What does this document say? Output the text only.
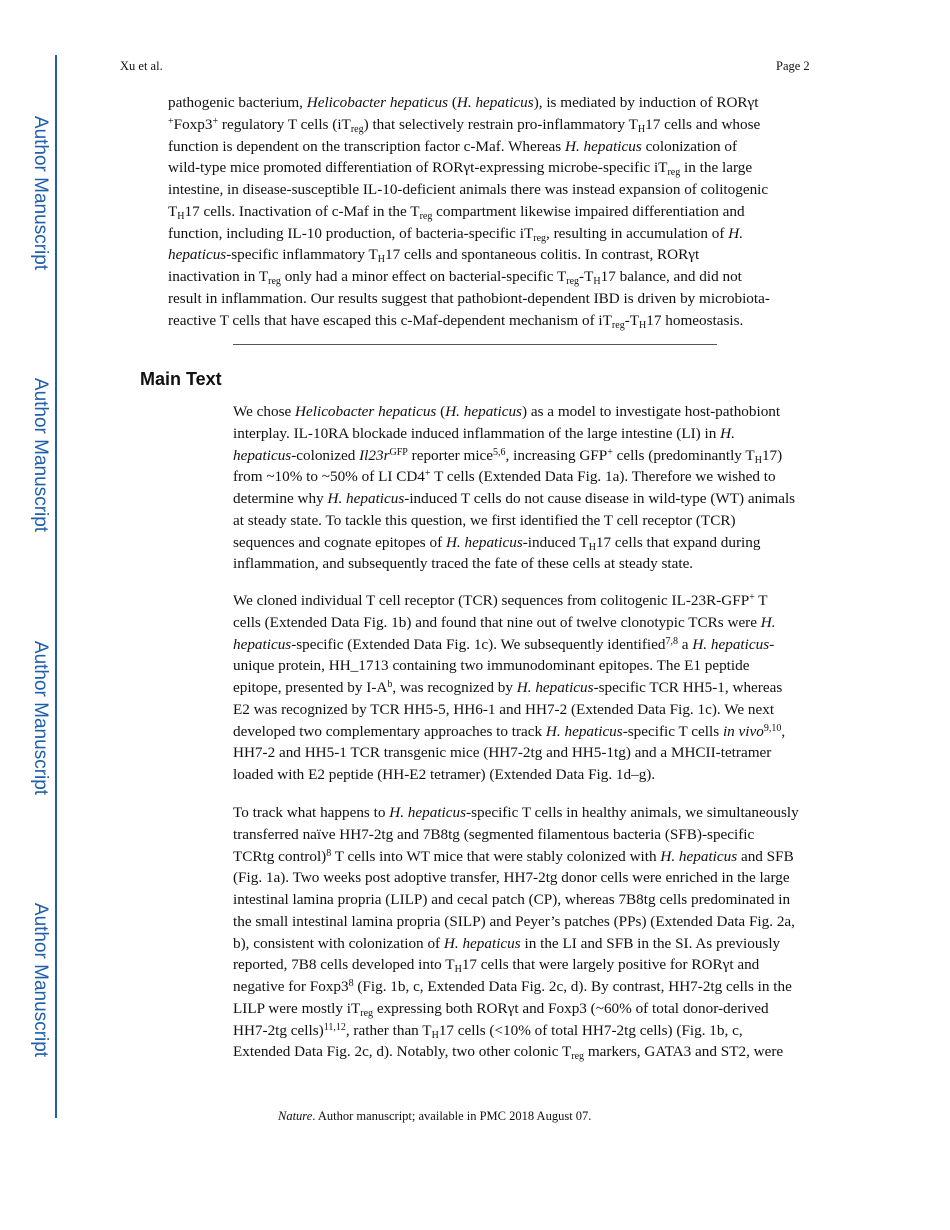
Author Manuscript
Author Manuscript
Author Manuscript
Author Manuscript
Xu et al.	Page 2
pathogenic bacterium, Helicobacter hepaticus (H. hepaticus), is mediated by induction of RORγt
+Foxp3+ regulatory T cells $(iT_{reg})$ that selectively restrain pro-inflammatory $T_H17$ cells and whose
function is dependent on the transcription factor c-Maf. Whereas H. hepaticus colonization of
wild-type mice promoted differentiation of RORγt-expressing microbe-specific $iT_{reg}$ in the large
intestine, in disease-susceptible IL-10-deficient animals there was instead expansion of colitogenic
$T_H17$ cells. Inactivation of c-Maf in the $T_{reg}$ compartment likewise impaired differentiation and
function, including IL-10 production, of bacteria-specific $iT_{reg}$, resulting in accumulation of H.
hepaticus-specific inflammatory $T_H17$ cells and spontaneous colitis. In contrast, RORγt
inactivation in $T_{reg}$ only had a minor effect on bacterial-specific $T_{reg}-T_H17$ balance, and did not
result in inflammation. Our results suggest that pathobiont-dependent IBD is driven by microbiota-
reactive T cells that have escaped this c-Maf-dependent mechanism of $iT_{reg}-T_H17$ homeostasis.
Main Text
We chose Helicobacter hepaticus (H. hepaticus) as a model to investigate host-pathobiont
interplay. IL-10RA blockade induced inflammation of the large intestine (LI) in H.
hepaticus-colonized $Il23r^{GFP}$ reporter mice$^{5,6}$, increasing GFP+ cells (predominantly $T_H17$)
from ~10% to ~50% of LI CD4+ T cells (Extended Data Fig. 1a). Therefore we wished to
determine why H. hepaticus-induced T cells do not cause disease in wild-type (WT) animals
at steady state. To tackle this question, we first identified the T cell receptor (TCR)
sequences and cognate epitopes of H. hepaticus-induced $T_H17$ cells that expand during
inflammation, and subsequently traced the fate of these cells at steady state.
We cloned individual T cell receptor (TCR) sequences from colitogenic IL-23R-GFP+ T
cells (Extended Data Fig. 1b) and found that nine out of twelve clonotypic TCRs were H.
hepaticus-specific (Extended Data Fig. 1c). We subsequently identified$^{7,8}$ a H. hepaticus-
unique protein, HH_1713 containing two immunodominant epitopes. The E1 peptide
epitope, presented by $I-A^b$, was recognized by H. hepaticus-specific TCR HH5-1, whereas
E2 was recognized by TCR HH5-5, HH6-1 and HH7-2 (Extended Data Fig. 1c). We next
developed two complementary approaches to track H. hepaticus-specific T cells in vivo$^{9,10}$,
HH7-2 and HH5-1 TCR transgenic mice (HH7-2tg and HH5-1tg) and a MHCII-tetramer
loaded with E2 peptide (HH-E2 tetramer) (Extended Data Fig. 1d–g).
To track what happens to H. hepaticus-specific T cells in healthy animals, we simultaneously
transferred naïve HH7-2tg and 7B8tg (segmented filamentous bacteria (SFB)-specific
TCRtg control)$^8$ T cells into WT mice that were stably colonized with H. hepaticus and SFB
(Fig. 1a). Two weeks post adoptive transfer, HH7-2tg donor cells were enriched in the large
intestinal lamina propria (LILP) and cecal patch (CP), whereas 7B8tg cells predominated in
the small intestinal lamina propria (SILP) and Peyer’s patches (PPs) (Extended Data Fig. 2a,
b), consistent with colonization of H. hepaticus in the LI and SFB in the SI. As previously
reported, 7B8 cells developed into $T_H17$ cells that were largely positive for RORγt and
negative for $Foxp3^8$ (Fig. 1b, c, Extended Data Fig. 2c, d). By contrast, HH7-2tg cells in the
LILP were mostly $iT_{reg}$ expressing both RORγt and Foxp3 (~60% of total donor-derived
HH7-2tg cells)$^{11,12}$, rather than $T_H17$ cells (<10% of total HH7-2tg cells) (Fig. 1b, c,
Extended Data Fig. 2c, d). Notably, two other colonic $T_{reg}$ markers, GATA3 and ST2, were
Nature. Author manuscript; available in PMC 2018 August 07.
